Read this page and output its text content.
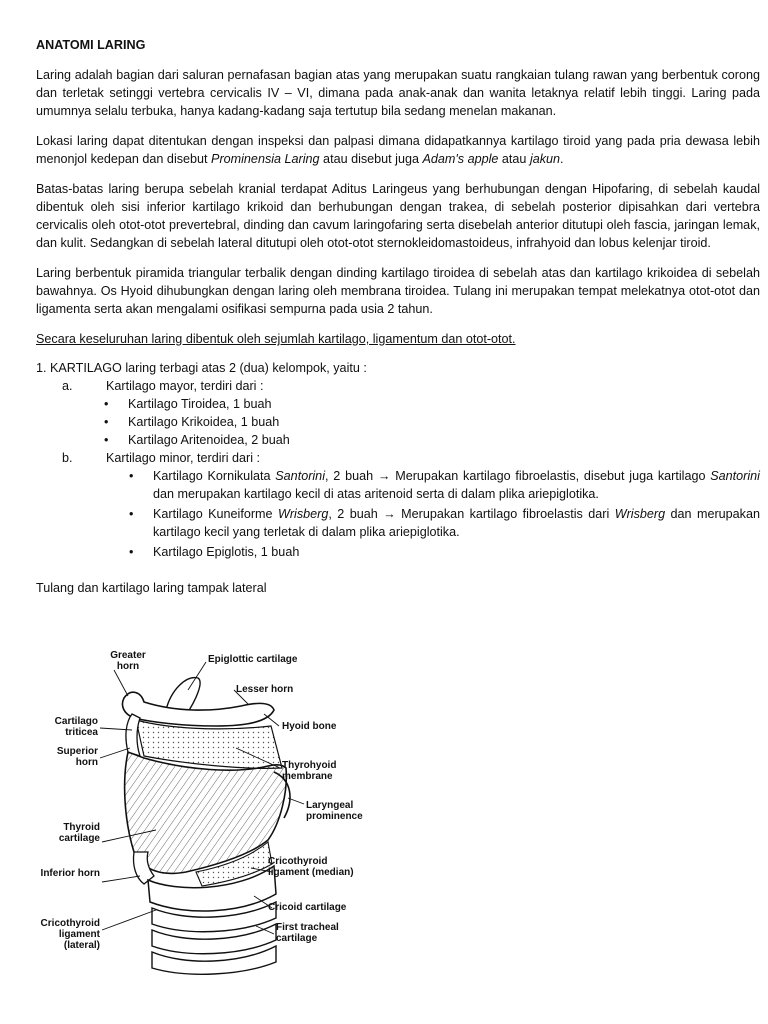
ANATOMI LARING

Laring adalah bagian dari saluran pernafasan bagian atas yang merupakan suatu rangkaian tulang rawan yang berbentuk corong dan terletak setinggi vertebra cervicalis IV – VI, dimana pada anak-anak dan wanita letaknya relatif lebih tinggi. Laring pada umumnya selalu terbuka, hanya kadang-kadang saja tertutup bila sedang menelan makanan.

Lokasi laring dapat ditentukan dengan inspeksi dan palpasi dimana didapatkannya kartilago tiroid yang pada pria dewasa lebih menonjol kedepan dan disebut Prominensia Laring atau disebut juga Adam's apple atau jakun.

Batas-batas laring berupa sebelah kranial terdapat Aditus Laringeus yang berhubungan dengan Hipofaring, di sebelah kaudal dibentuk oleh sisi inferior kartilago krikoid dan berhubungan dengan trakea, di sebelah posterior dipisahkan dari vertebra cervicalis oleh otot-otot prevertebral, dinding dan cavum laringofaring serta disebelah anterior ditutupi oleh fascia, jaringan lemak, dan kulit. Sedangkan di sebelah lateral ditutupi oleh otot-otot sternokleidomastoideus, infrahyoid dan lobus kelenjar tiroid.

Laring berbentuk piramida triangular terbalik dengan dinding kartilago tiroidea di sebelah atas dan kartilago krikoidea di sebelah bawahnya. Os Hyoid dihubungkan dengan laring oleh membrana tiroidea. Tulang ini merupakan tempat melekatnya otot-otot dan ligamenta serta akan mengalami osifikasi sempurna pada usia 2 tahun.

Secara keseluruhan laring dibentuk oleh sejumlah kartilago, ligamentum dan otot-otot.
1. KARTILAGO laring terbagi atas 2 (dua) kelompok, yaitu :
a.	Kartilago mayor, terdiri dari :
• Kartilago Tiroidea, 1 buah
• Kartilago Krikoidea, 1 buah
• Kartilago Aritenoidea, 2 buah
b.	Kartilago minor, terdiri dari :
• Kartilago Kornikulata Santorini, 2 buah → Merupakan kartilago fibroelastis, disebut juga kartilago Santorini dan merupakan kartilago kecil di atas aritenoid serta di dalam plika ariepiglotika.
• Kartilago Kuneiforme Wrisberg, 2 buah → Merupakan kartilago fibroelastis dari Wrisberg dan merupakan kartilago kecil yang terletak di dalam plika ariepiglotika.
• Kartilago Epiglotis, 1 buah
Tulang dan kartilago laring tampak lateral
Greater horn
Epiglottic cartilage
Lesser horn
Cartilago triticea
Hyoid bone
Superior horn	Thyrohyoid membrane
Laryngeal prominence
Thyroid cartilage
Cricothyroid ligament (median)
Inferior horn
Cricoid cartilage
Cricothyroid ligament (lateral)
First tracheal cartilage
